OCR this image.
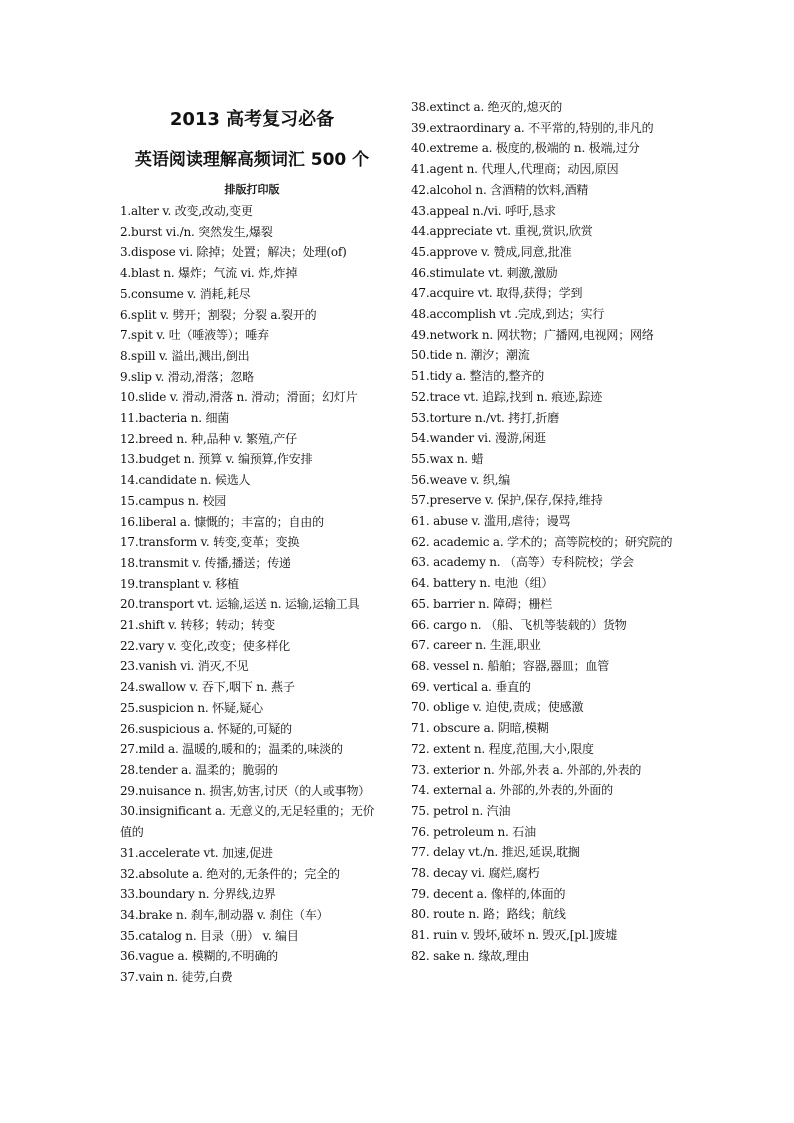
2013 高考复习必备
英语阅读理解高频词汇 500 个
排版打印版
1.alter v. 改变,改动,变更
2.burst vi./n. 突然发生,爆裂
3.dispose vi. 除掉；处置；解决；处理(of)
4.blast n. 爆炸；气流 vi. 炸,炸掉
5.consume v. 消耗,耗尽
6.split v. 劈开；割裂；分裂 a.裂开的
7.spit v. 吐（唾液等）；唾弃
8.spill v. 溢出,溅出,倒出
9.slip v. 滑动,滑落；忽略
10.slide v. 滑动,滑落 n. 滑动；滑面；幻灯片
11.bacteria n. 细菌
12.breed n. 种,品种 v. 繁殖,产仔
13.budget n. 预算 v. 编预算,作安排
14.candidate n. 候选人
15.campus n. 校园
16.liberal a. 慷慨的；丰富的；自由的
17.transform v. 转变,变革；变换
18.transmit v. 传播,播送；传递
19.transplant v. 移植
20.transport vt. 运输,运送 n. 运输,运输工具
21.shift v. 转移；转动；转变
22.vary v. 变化,改变；使多样化
23.vanish vi. 消灭,不见
24.swallow v. 吞下,咽下 n. 燕子
25.suspicion n. 怀疑,疑心
26.suspicious a. 怀疑的,可疑的
27.mild a. 温暖的,暖和的；温柔的,味淡的
28.tender a. 温柔的；脆弱的
29.nuisance n. 损害,妨害,讨厌（的人或事物）
30.insignificant a. 无意义的,无足轻重的；无价值的
31.accelerate vt. 加速,促进
32.absolute a. 绝对的,无条件的；完全的
33.boundary n. 分界线,边界
34.brake n. 刹车,制动器 v. 刹住（车）
35.catalog n. 目录（册） v. 编目
36.vague a. 模糊的,不明确的
37.vain n. 徒劳,白费
38.extinct a. 绝灭的,熄灭的
39.extraordinary a. 不平常的,特别的,非凡的
40.extreme a. 极度的,极端的 n. 极端,过分
41.agent n. 代理人,代理商；动因,原因
42.alcohol n. 含酒精的饮料,酒精
43.appeal n./vi. 呼吁,恳求
44.appreciate vt. 重视,赏识,欣赏
45.approve v. 赞成,同意,批准
46.stimulate vt. 刺激,激励
47.acquire vt. 取得,获得；学到
48.accomplish vt .完成,到达；实行
49.network n. 网状物；广播网,电视网；网络
50.tide n. 潮汐；潮流
51.tidy a. 整洁的,整齐的
52.trace vt. 追踪,找到 n. 痕迹,踪迹
53.torture n./vt. 拷打,折磨
54.wander vi. 漫游,闲逛
55.wax n. 蜡
56.weave v. 织,编
57.preserve v. 保护,保存,保持,维持
61. abuse v. 滥用,虐待；谩骂
62. academic a. 学术的；高等院校的；研究院的
63. academy n. （高等）专科院校；学会
64. battery n. 电池（组）
65. barrier n. 障碍；栅栏
66. cargo n. （船、飞机等装载的）货物
67. career n. 生涯,职业
68. vessel n. 船舶；容器,器皿；血管
69. vertical a. 垂直的
70. oblige v. 迫使,责成；使感激
71. obscure a. 阴暗,模糊
72. extent n. 程度,范围,大小,限度
73. exterior n. 外部,外表 a. 外部的,外表的
74. external a. 外部的,外表的,外面的
75. petrol n. 汽油
76. petroleum n. 石油
77. delay vt./n. 推迟,延误,耽搁
78. decay vi. 腐烂,腐朽
79. decent a. 像样的,体面的
80. route n. 路；路线；航线
81. ruin v. 毁坏,破坏 n. 毁灭,[pl.]废墟
82. sake n. 缘故,理由
